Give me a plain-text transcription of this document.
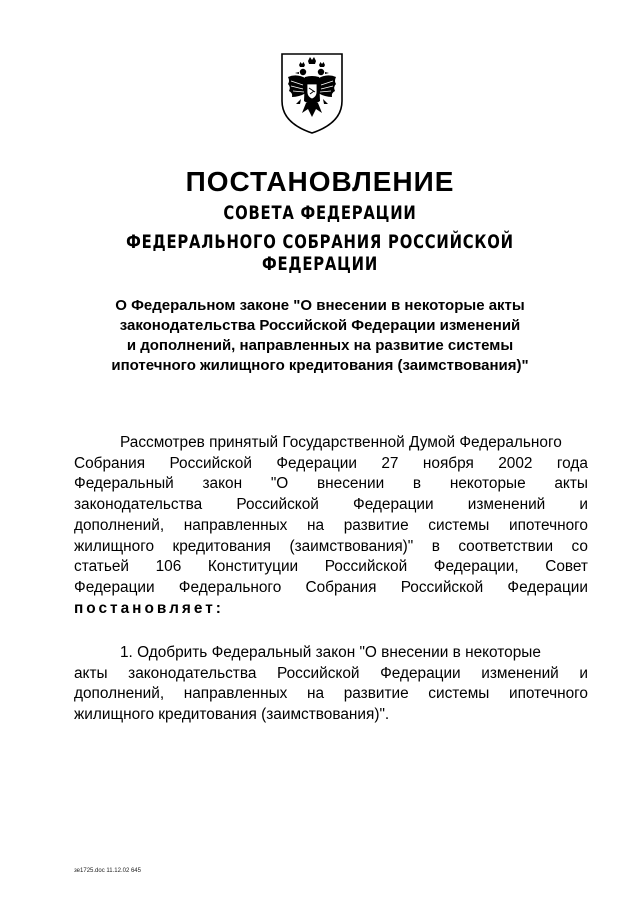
ПОСТАНОВЛЕНИЕ
СОВЕТА ФЕДЕРАЦИИ
ФЕДЕРАЛЬНОГО СОБРАНИЯ РОССИЙСКОЙ ФЕДЕРАЦИИ
О Федеральном законе "О внесении в некоторые акты
законодательства Российской Федерации изменений
и дополнений, направленных на развитие системы
ипотечного жилищного кредитования (заимствования)"
Рассмотрев принятый Государственной Думой Федерального
Собрания Российской Федерации 27 ноября 2002 года
Федеральный закон "О внесении в некоторые акты
законодательства Российской Федерации изменений и
дополнений, направленных на развитие системы ипотечного
жилищного кредитования (заимствования)" в соответствии со
статьей 106 Конституции Российской Федерации, Совет
Федерации Федерального Собрания Российской Федерации
постановляет:
1. Одобрить Федеральный закон "О внесении в некоторые
акты законодательства Российской Федерации изменений и
дополнений, направленных на развитие системы ипотечного
жилищного кредитования (заимствования)".
зе1725.doc 11.12.02 645
